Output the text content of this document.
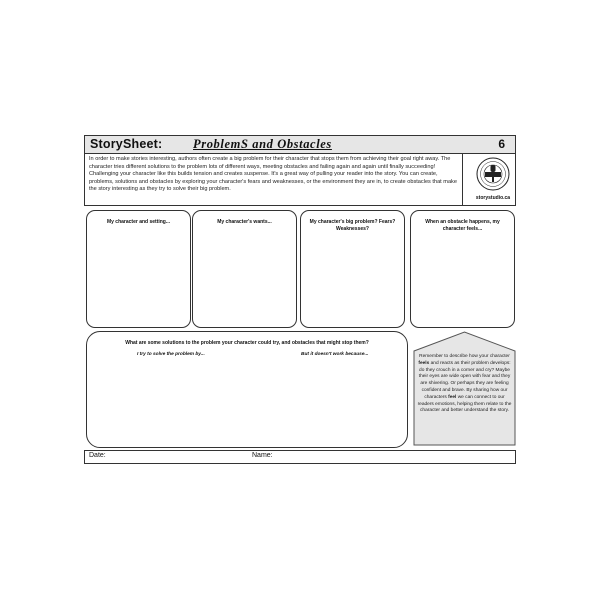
StorySheet: ProblemS and Obstacles	6
In order to make stories interesting, authors often create a big problem for their character that stops them from achieving their goal right away. The character tries different solutions to the problem lots of different ways, meeting obstacles and failing again and again until finally succeeding! Challenging your character like this builds tension and creates suspense. It's a great way of pulling your reader into the story. You can create, problems, solutions and obstacles by exploring your character's fears and weaknesses, or the environment they are in, to create obstacles that make the story interesting as they try to solve their big problem.
storystudio.ca
My character and setting...	My character's wants...	My character's big problem? Fears? Weaknesses?
When an obstacle happens, my character feels...
What are some solutions to the problem your character could try, and obstacles that might stop them?
I try to solve the problem by...	But it doesn't work because...	Remember to describe how your character feels and reacts as their problem develops: do they crouch in a corner and cry? Maybe their eyes are wide open with fear and they are shivering. Or perhaps they are feeling confident and brave. By sharing how our characters feel we can connect to our readers emotions, helping them relate to the character and better understand the story.
Date:	Name:
